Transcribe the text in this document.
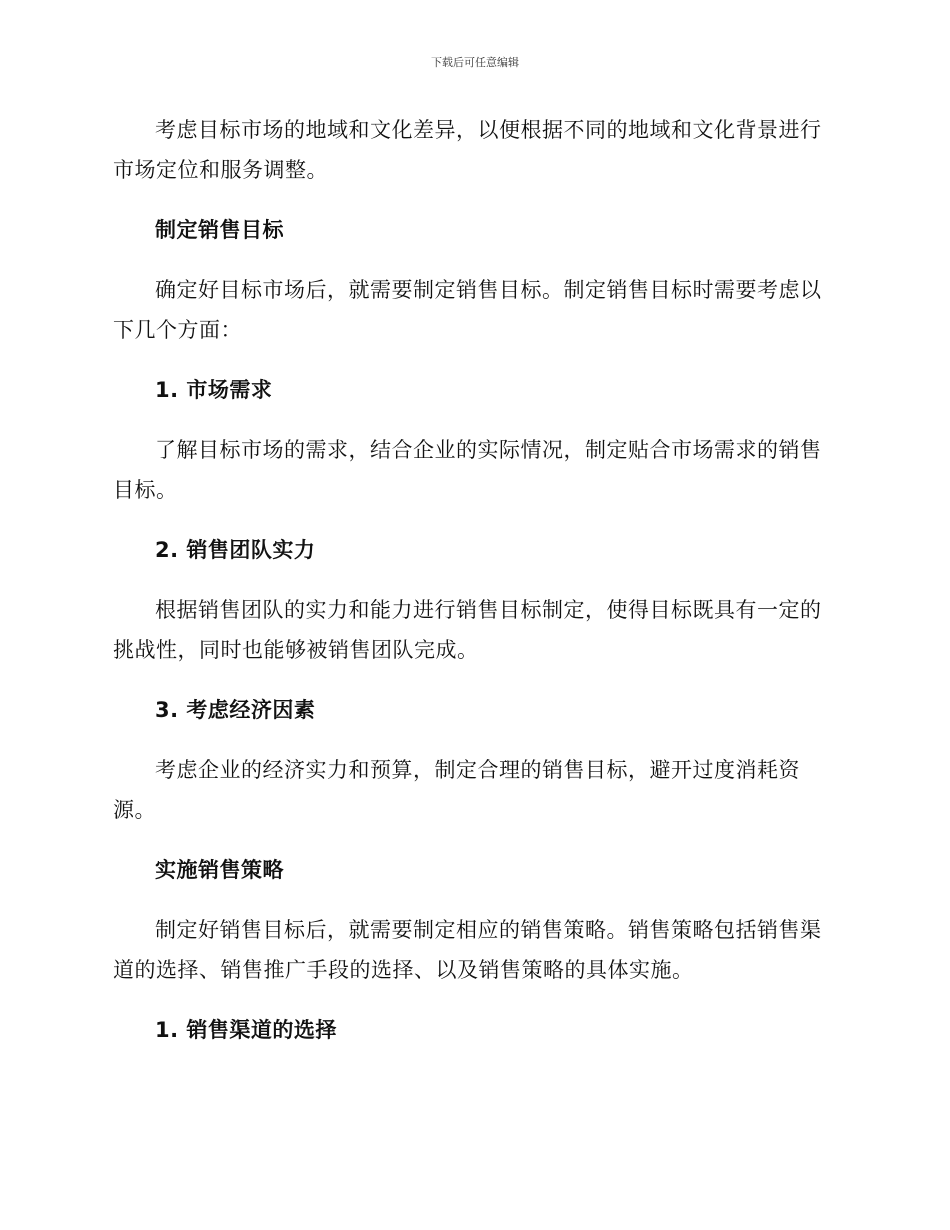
下载后可任意编辑

考虑目标市场的地域和文化差异，以便根据不同的地域和文化背景进行市场定位和服务调整。

制定销售目标

确定好目标市场后，就需要制定销售目标。制定销售目标时需要考虑以下几个方面：

1. 市场需求

了解目标市场的需求，结合企业的实际情况，制定贴合市场需求的销售目标。

2. 销售团队实力

根据销售团队的实力和能力进行销售目标制定，使得目标既具有一定的挑战性，同时也能够被销售团队完成。

3. 考虑经济因素

考虑企业的经济实力和预算，制定合理的销售目标，避开过度消耗资源。

实施销售策略

制定好销售目标后，就需要制定相应的销售策略。销售策略包括销售渠道的选择、销售推广手段的选择、以及销售策略的具体实施。

1. 销售渠道的选择
